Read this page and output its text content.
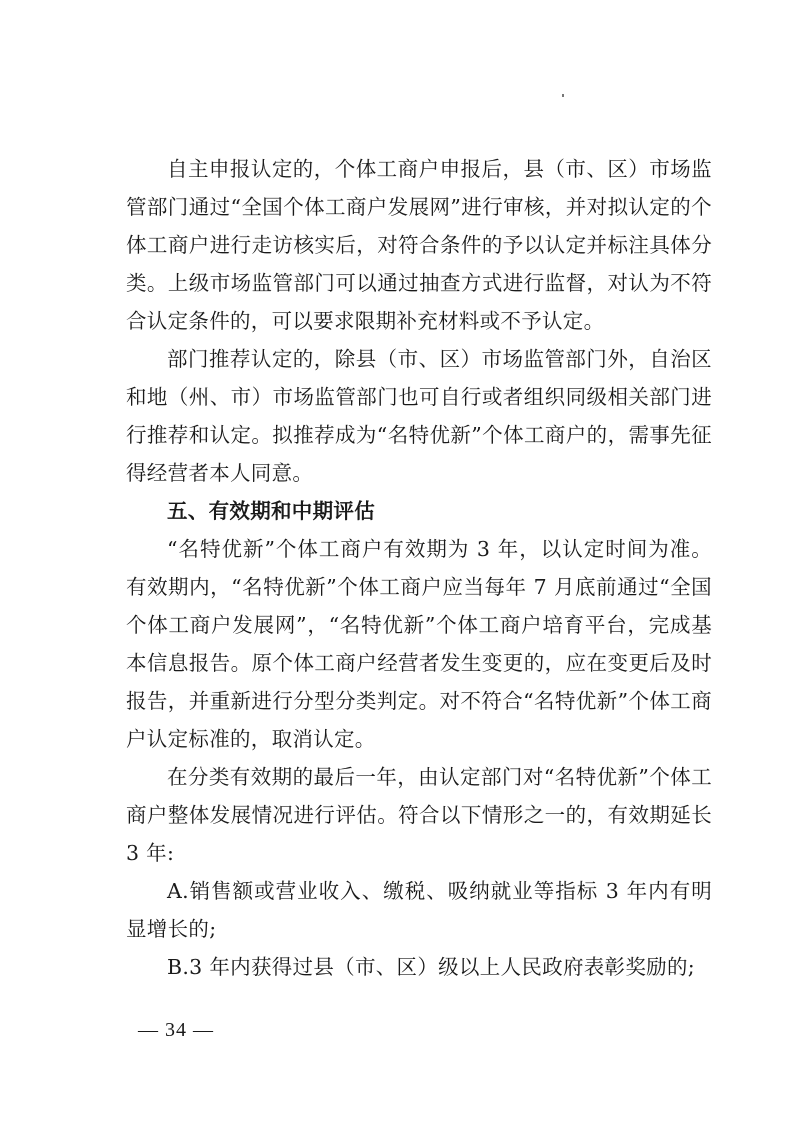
自主申报认定的，个体工商户申报后，县（市、区）市场监管部门通过“全国个体工商户发展网”进行审核，并对拟认定的个体工商户进行走访核实后，对符合条件的予以认定并标注具体分类。上级市场监管部门可以通过抽查方式进行监督，对认为不符合认定条件的，可以要求限期补充材料或不予认定。

部门推荐认定的，除县（市、区）市场监管部门外，自治区和地（州、市）市场监管部门也可自行或者组织同级相关部门进行推荐和认定。拟推荐成为“名特优新”个体工商户的，需事先征得经营者本人同意。

五、有效期和中期评估

“名特优新”个体工商户有效期为 3 年，以认定时间为准。有效期内，“名特优新”个体工商户应当每年 7 月底前通过“全国个体工商户发展网”，“名特优新”个体工商户培育平台，完成基本信息报告。原个体工商户经营者发生变更的，应在变更后及时报告，并重新进行分型分类判定。对不符合“名特优新”个体工商户认定标准的，取消认定。

在分类有效期的最后一年，由认定部门对“名特优新”个体工商户整体发展情况进行评估。符合以下情形之一的，有效期延长 3 年:

A.销售额或营业收入、缴税、吸纳就业等指标 3 年内有明显增长的;

B.3 年内获得过县（市、区）级以上人民政府表彰奖励的;

— 34 —
